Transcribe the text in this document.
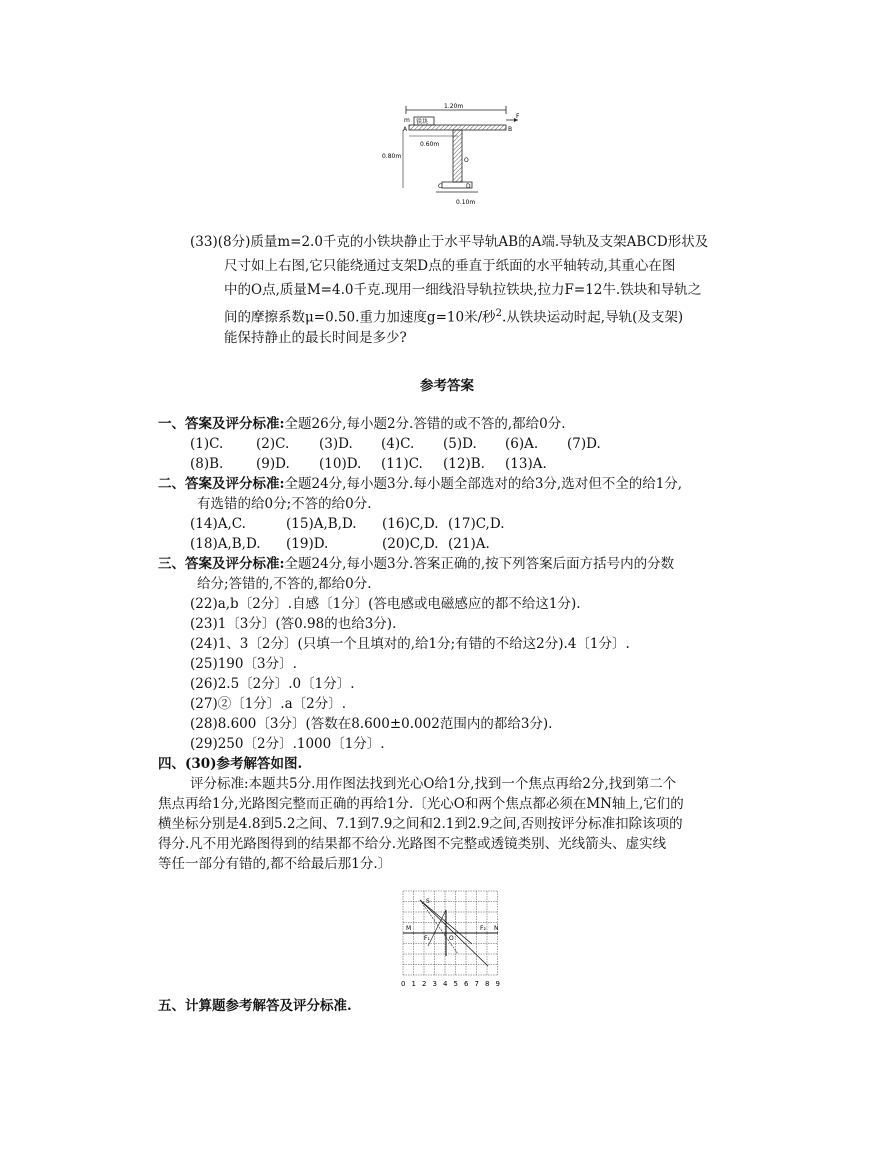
1.20m
铁块
m
A	B
F
0.60m
0.80m
O
C	D
0.10m
(33)(8分)质量m=2.0千克的小铁块静止于水平导轨AB的A端.导轨及支架ABCD形状及
尺寸如上右图,它只能绕通过支架D点的垂直于纸面的水平轴转动,其重心在图
中的O点,质量M=4.0千克.现用一细线沿导轨拉铁块,拉力F=12牛.铁块和导轨之
间的摩擦系数μ=0.50.重力加速度g=10米/秒$^2$.从铁块运动时起,导轨(及支架)
能保持静止的最长时间是多少?
参考答案
一、答案及评分标准:全题26分,每小题2分.答错的或不答的,都给0分.
(1)C. (2)C. (3)D. (4)C. (5)D. (6)A. (7)D.
(8)B. (9)D. (10)D. (11)C. (12)B. (13)A.
二、答案及评分标准:全题24分,每小题3分.每小题全部选对的给3分,选对但不全的给1分,
有选错的给0分;不答的给0分.
(14)A,C.	(15)A,B,D. (16)C,D. (17)C,D.
(18)A,B,D. (19)D.	(20)C,D. (21)A.
三、答案及评分标准:全题24分,每小题3分.答案正确的,按下列答案后面方括号内的分数
给分;答错的,不答的,都给0分.
(22)a,b〔2分〕.自感〔1分〕(答电感或电磁感应的都不给这1分).
(23)1〔3分〕(答0.98的也给3分).
(24)1、3〔2分〕(只填一个且填对的,给1分;有错的不给这2分).4〔1分〕.
(25)190〔3分〕.
(26)2.5〔2分〕.0〔1分〕.
(27)②〔1分〕.a〔2分〕.
(28)8.600〔3分〕(答数在8.600±0.002范围内的都给3分).
(29)250〔2分〕.1000〔1分〕.
四、(30)参考解答如图.
评分标准:本题共5分.用作图法找到光心O给1分,找到一个焦点再给2分,找到第二个
焦点再给1分,光路图完整而正确的再给1分.〔光心O和两个焦点都必须在MN轴上,它们的
横坐标分别是4.8到5.2之间、7.1到7.9之间和2.1到2.9之间,否则按评分标准扣除该项的
得分.凡不用光路图得到的结果都不给分.光路图不完整或透镜类别、光线箭头、虚实线
等任一部分有错的,都不给最后那1分.〕
S
M	N
O
F₁
F₂
0 1 2 3 4 5 6 7 8 9
五、计算题参考解答及评分标准.
